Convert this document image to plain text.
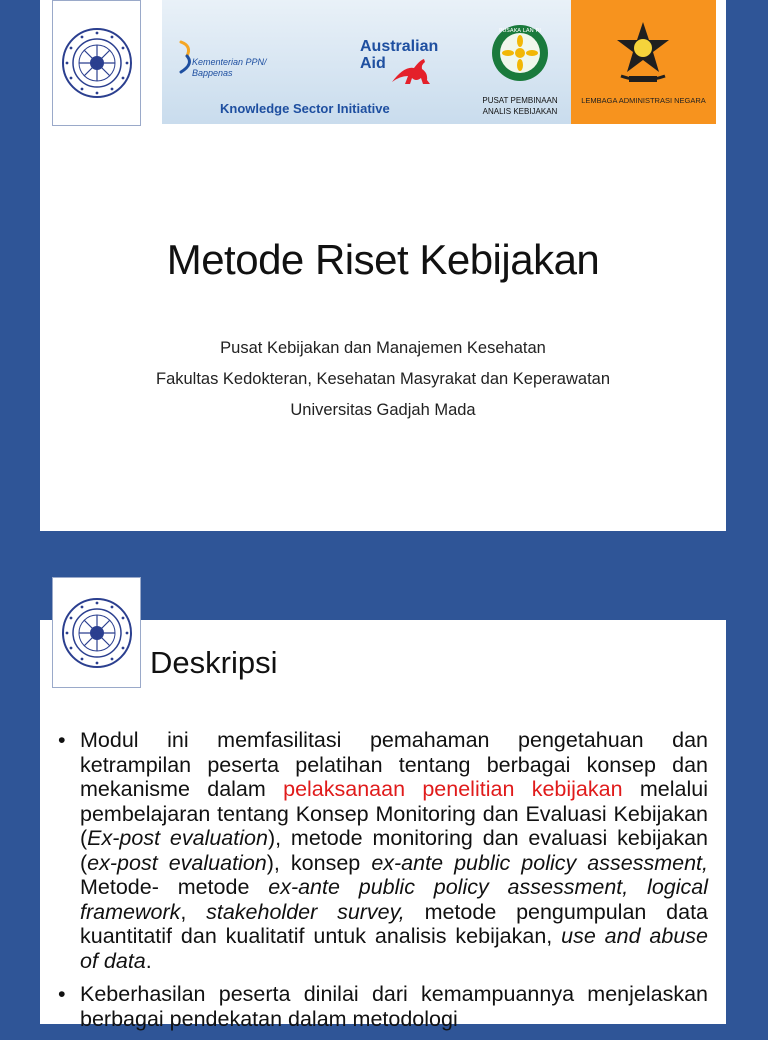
Kementerian PPN/
Bappenas
Australian
Aid
Knowledge Sector Initiative
PUSAKA LAN RI
PUSAT PEMBINAAN
ANALIS KEBIJAKAN
LEMBAGA ADMINISTRASI NEGARA
Metode Riset Kebijakan
Pusat Kebijakan dan Manajemen Kesehatan
Fakultas Kedokteran, Kesehatan Masyrakat dan Keperawatan
Universitas Gadjah Mada
Deskripsi
• Modul ini memfasilitasi pemahaman pengetahuan dan ketrampilan peserta pelatihan tentang berbagai konsep dan mekanisme dalam pelaksanaan penelitian kebijakan melalui pembelajaran tentang Konsep Monitoring dan Evaluasi Kebijakan (Ex-post evaluation), metode monitoring dan evaluasi kebijakan (ex-post evaluation), konsep ex-ante public policy assessment, Metode- metode ex-ante public policy assessment, logical framework, stakeholder survey, metode pengumpulan data kuantitatif dan kualitatif untuk analisis kebijakan, use and abuse of data.
• Keberhasilan peserta dinilai dari kemampuannya menjelaskan berbagai pendekatan dalam metodologi
